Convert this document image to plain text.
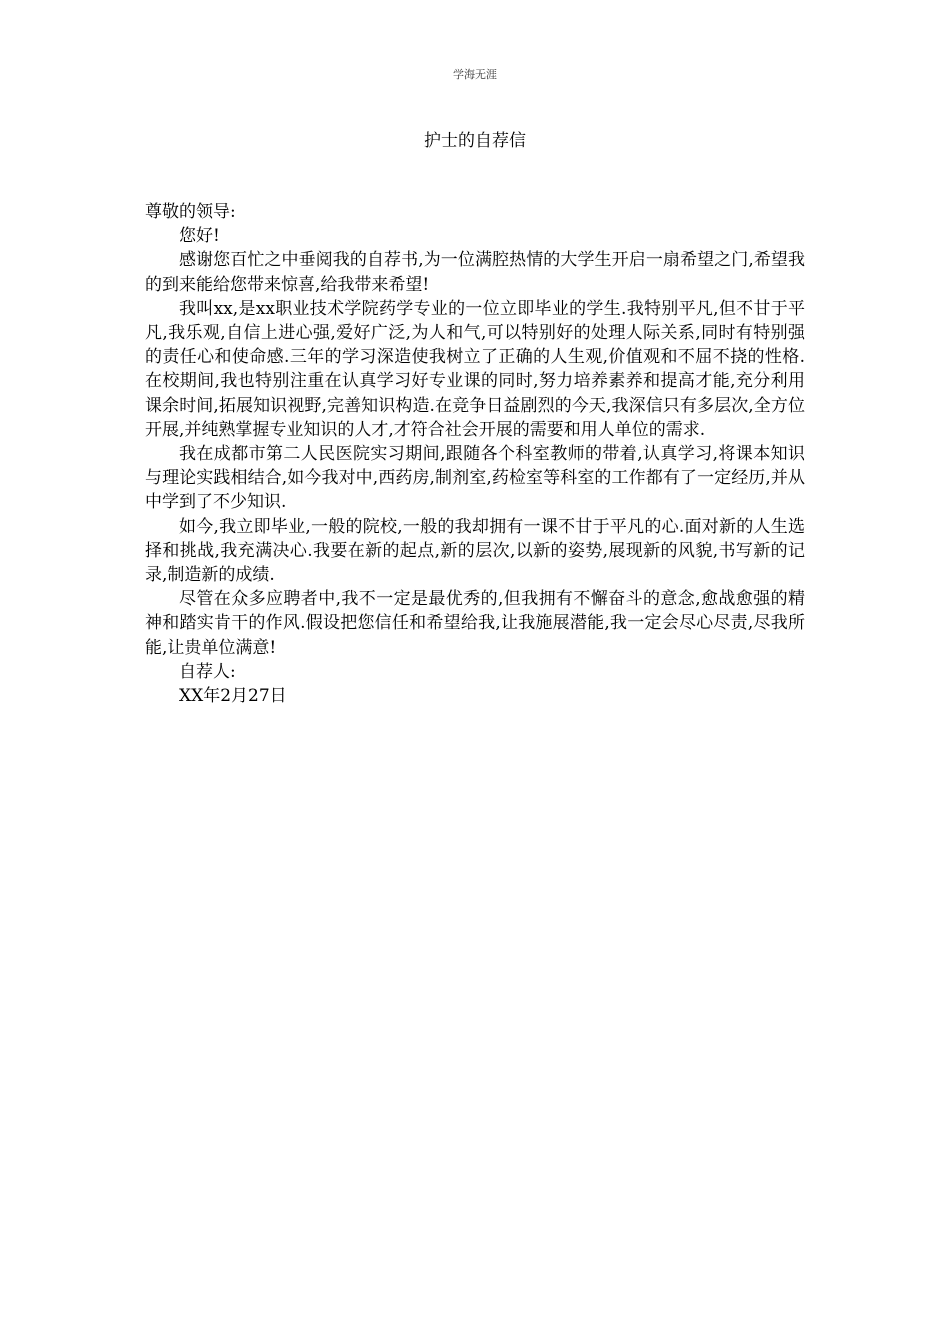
学海无涯
护士的自荐信

尊敬的领导:

您好!

感谢您百忙之中垂阅我的自荐书,为一位满腔热情的大学生开启一扇希望之门,希望我的到来能给您带来惊喜,给我带来希望!

我叫xx,是xx职业技术学院药学专业的一位立即毕业的学生.我特别平凡,但不甘于平凡,我乐观,自信上进心强,爱好广泛,为人和气,可以特别好的处理人际关系,同时有特别强的责任心和使命感.三年的学习深造使我树立了正确的人生观,价值观和不屈不挠的性格.在校期间,我也特别注重在认真学习好专业课的同时,努力培养素养和提高才能,充分利用课余时间,拓展知识视野,完善知识构造.在竞争日益剧烈的今天,我深信只有多层次,全方位开展,并纯熟掌握专业知识的人才,才符合社会开展的需要和用人单位的需求.

我在成都市第二人民医院实习期间,跟随各个科室教师的带着,认真学习,将课本知识与理论实践相结合,如今我对中,西药房,制剂室,药检室等科室的工作都有了一定经历,并从中学到了不少知识.

如今,我立即毕业,一般的院校,一般的我却拥有一课不甘于平凡的心.面对新的人生选择和挑战,我充满决心.我要在新的起点,新的层次,以新的姿势,展现新的风貌,书写新的记录,制造新的成绩.

尽管在众多应聘者中,我不一定是最优秀的,但我拥有不懈奋斗的意念,愈战愈强的精神和踏实肯干的作风.假设把您信任和希望给我,让我施展潜能,我一定会尽心尽责,尽我所能,让贵单位满意!

自荐人:

XX年2月27日
